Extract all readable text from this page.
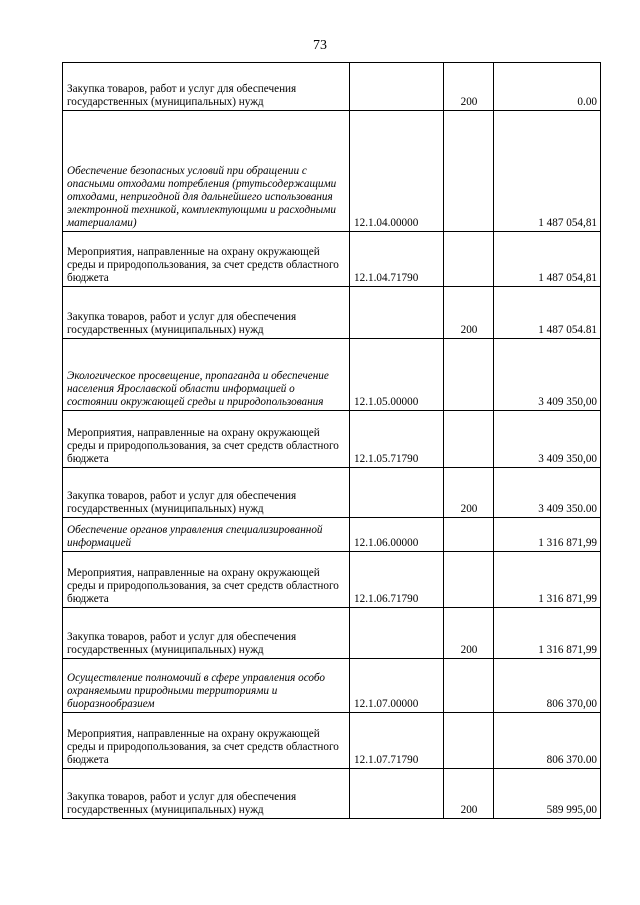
73
Закупка товаров, работ и услуг для обеспечения государственных (муниципальных) нужд		200	0.00
Обеспечение безопасных условий при обращении с опасными отходами потребления (ртутьсодержащими отходами, непригодной для дальнейшего использования электронной техникой, комплектующими и расходными материалами)	12.1.04.00000		1 487 054,81
Мероприятия, направленные на охрану окружающей среды и природопользования, за счет средств областного бюджета	12.1.04.71790		1 487 054,81
Закупка товаров, работ и услуг для обеспечения государственных (муниципальных) нужд		200	1 487 054.81
Экологическое просвещение, пропаганда и обеспечение населения Ярославской области информацией о состоянии окружающей среды и природопользования	12.1.05.00000		3 409 350,00
Мероприятия, направленные на охрану окружающей среды и природопользования, за счет средств областного бюджета	12.1.05.71790		3 409 350,00
Закупка товаров, работ и услуг для обеспечения государственных (муниципальных) нужд		200	3 409 350.00
Обеспечение органов управления специализированной информацией	12.1.06.00000		1 316 871,99
Мероприятия, направленные на охрану окружающей среды и природопользования, за счет средств областного бюджета	12.1.06.71790		1 316 871,99
Закупка товаров, работ и услуг для обеспечения государственных (муниципальных) нужд		200	1 316 871,99
Осуществление полномочий в сфере управления особо охраняемыми природными территориями и биоразнообразием	12.1.07.00000		806 370,00
Мероприятия, направленные на охрану окружающей среды и природопользования, за счет средств областного бюджета	12.1.07.71790		806 370.00
Закупка товаров, работ и услуг для обеспечения государственных (муниципальных) нужд		200	589 995,00
